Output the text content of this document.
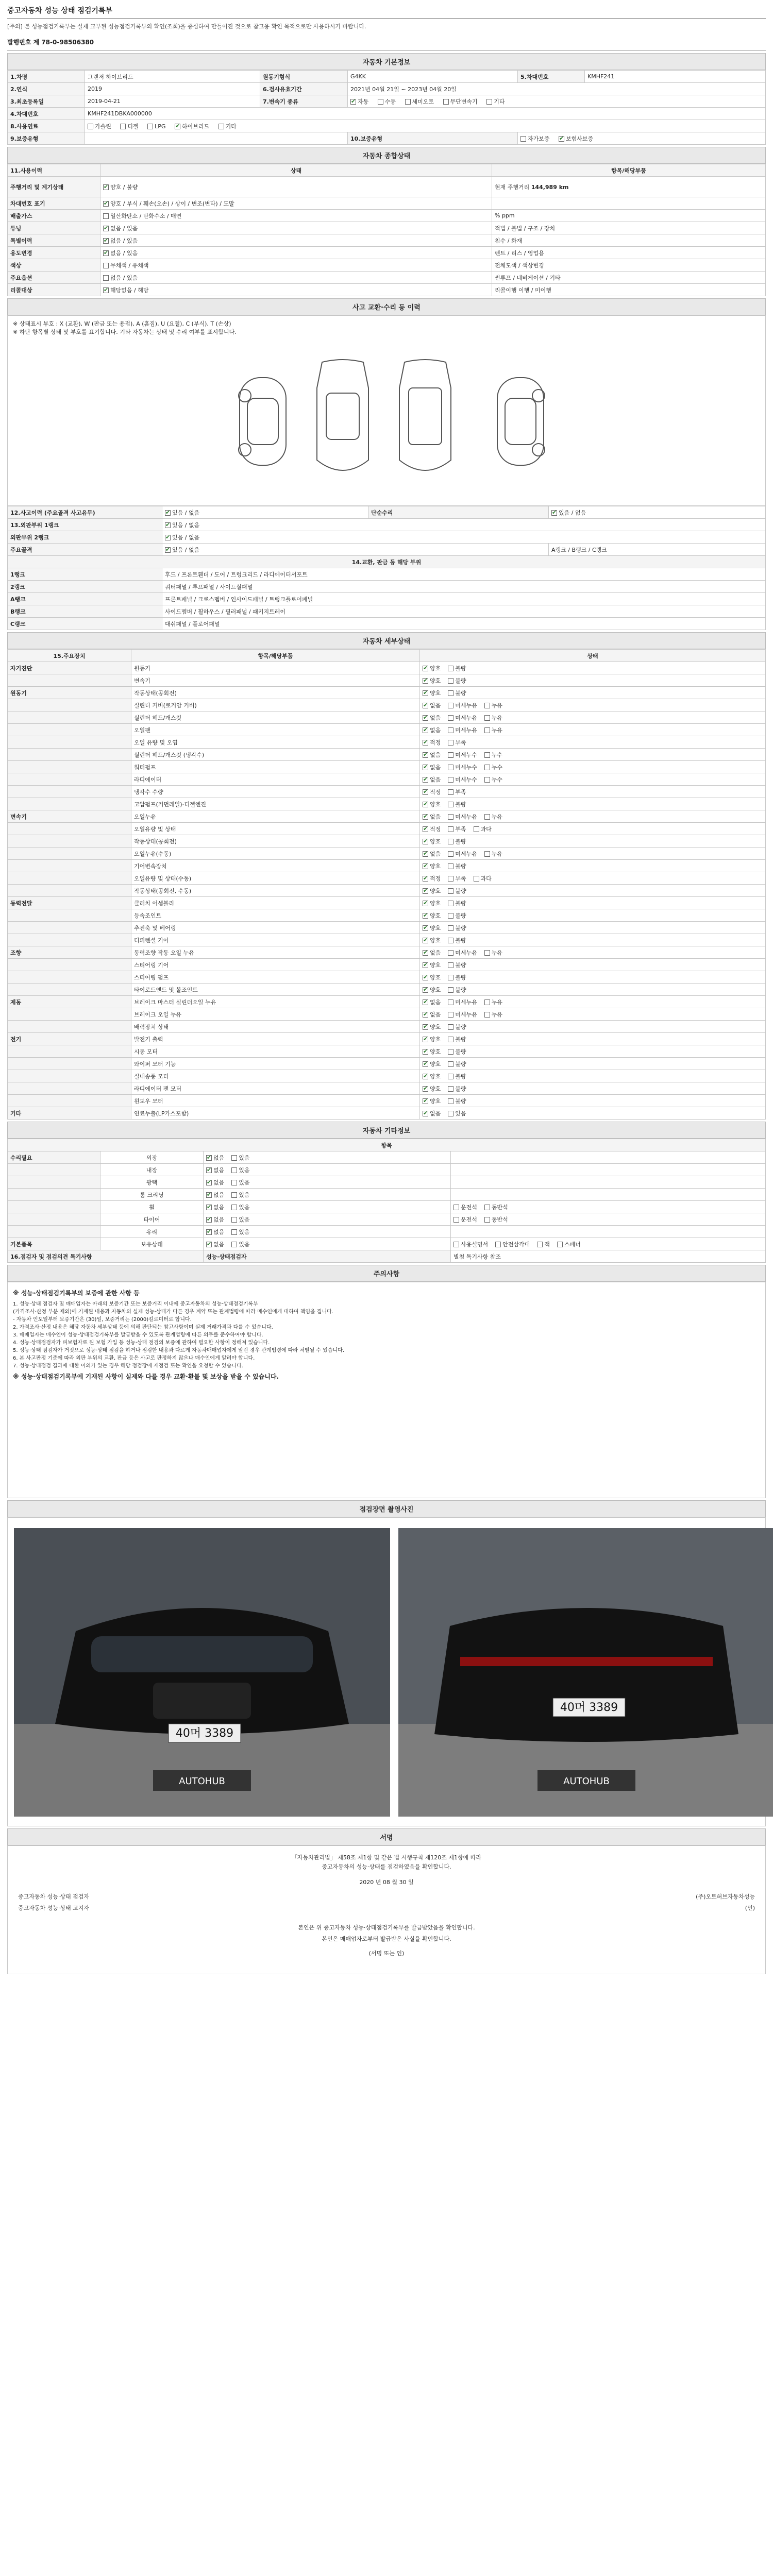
중고자동차 성능 상태 점검기록부
[주의] 본 성능점검기록부는 실제 교부된 성능점검기록부의 확인(조회)을 중심하여 만들어진 것으로 참고용 확인 목적으로만 사용하시기 바랍니다.
발행번호 제 78-0-98506380
자동차 기본정보
1.차명	그랜저 하이브리드	원동기형식	G4KK	5.차대번호	KMHF241
2.연식	2019	6.검사유효기간	2021년 04월 21일 ~ 2023년 04월 20일		
3.최초등록일	2019-04-21	7.변속기 종류	✔자동 수동 세미오토 무단변속기 기타
4.차대번호	KMHF241DBKA000000				
8.사용연료	가솔린 디젤 LPG ✔ 하이브리드 기타
9.보증유형			10.보증유형	자가보증 ✔ 보험사보증
자동차 종합상태
11.사용이력	상태	항목/해당부품
주행거리 및 계기상태	✔양호 / 불량	현재 주행거리 144,989 km
차대번호 표기	✔양호 / 부식 / 훼손(오손) / 상이 / 변조(변타) / 도말	
배출가스	일산화탄소 / 탄화수소 / 매연	% ppm
튜닝	✔없음 / 있음	적법 / 불법 / 구조 / 장치
특별이력	✔없음 / 있음	침수 / 화재
용도변경	✔없음 / 있음	렌트 / 리스 / 영업용
색상	무채색 / 유채색	전체도색 / 색상변경
주요옵션	없음 / 있음	썬루프 / 네비게이션 / 기타
리콜대상	✔해당없음 / 해당	리콜이행 이행 / 미이행
사고 교환·수리 등 이력
※ 상태표시 부호 : X (교환), W (판금 또는 용접), A (흠집), U (요철), C (부식), T (손상)
※ 하단 항목별 상태 및 부호를 표기합니다. 기타 자동차는 상태 및 수리 여부를 표시합니다.
12.사고이력 (주요골격 사고유무)	✔있음 / 없음	단순수리	✔있음 / 없음
13.외판부위 1랭크	✔있음 / 없음
외판부위 2랭크	✔있음 / 없음
주요골격	✔있음 / 없음		A랭크 / B랭크 / C랭크
14.교환, 판금 등 해당 부위			
1랭크	후드 / 프론트휀더 / 도어 / 트렁크리드 / 라디에이터서포트		
2랭크	쿼터패널 / 루프패널 / 사이드실패널		
A랭크	프론트패널 / 크로스멤버 / 인사이드패널 / 트렁크플로어패널		
B랭크	사이드멤버 / 휠하우스 / 필러패널 / 패키지트레이		
C랭크	대쉬패널 / 플로어패널		
자동차 세부상태
15.주요장치	항목/해당부품	상태
자기진단	원동기	✔양호 불량
	변속기	✔양호 불량
원동기	작동상태(공회전)	✔양호 불량
	실린더 커버(로커암 커버)	✔없음 미세누유 누유
	실린더 헤드/개스킷	✔없음 미세누유 누유
	오일팬	✔없음 미세누유 누유
	오일 유량 및 오염	✔적정 부족
	실린더 헤드/개스킷 (냉각수)	✔없음 미세누수 누수
	워터펌프	✔없음 미세누수 누수
	라디에이터	✔없음 미세누수 누수
	냉각수 수량	✔적정 부족
	고압펌프(커먼레일)-디젤엔진	✔양호 불량
변속기	오일누유	✔없음 미세누유 누유
	오일유량 및 상태	✔적정 부족 과다
	작동상태(공회전)	✔양호 불량
	오일누유(수동)	✔없음 미세누유 누유
	기어변속장치	✔양호 불량
	오일유량 및 상태(수동)	✔적정 부족 과다
	작동상태(공회전, 수동)	✔양호 불량
동력전달	클러치 어셈블리	✔양호 불량
	등속조인트	✔양호 불량
	추진축 및 베어링	✔양호 불량
	디퍼렌셜 기어	✔양호 불량
조향	동력조향 작동 오일 누유	✔없음 미세누유 누유
	스티어링 기어	✔양호 불량
	스티어링 펌프	✔양호 불량
	타이로드엔드 및 볼조인트	✔양호 불량
제동	브레이크 마스터 실린더오일 누유	✔없음 미세누유 누유
	브레이크 오일 누유	✔없음 미세누유 누유
	배력장치 상태	✔양호 불량
전기	발전기 출력	✔양호 불량
	시동 모터	✔양호 불량
	와이퍼 모터 기능	✔양호 불량
	실내송풍 모터	✔양호 불량
	라디에이터 팬 모터	✔양호 불량
	윈도우 모터	✔양호 불량
기타	연료누출(LP가스포함)	✔없음 있음
자동차 기타정보
항목			
수리필요	외장	✔없음 있음	
	내장	✔없음 있음	
	광택	✔없음 있음	
	룸 크리닝	✔없음 있음	
	휠	✔없음 있음	운전석 동반석
	타이어	✔없음 있음	운전석 동반석
	유리	✔없음 있음	
기본품목	보유상태	✔없음 있음	사용설명서 안전삼각대 잭 스패너
16.점검자 및 점검의견 특기사항		성능·상태점검자	별첨 특기사항 참조
주의사항
※ 성능·상태점검기록부의 보증에 관한 사항 등
1. 성능·상태 점검자 및 매매업자는 아래의 보증기간 또는 보증거리 이내에 중고자동차의 성능·상태점검기록부
(가격조사·산정 부분 제외)에 기재된 내용과 자동차의 실제 성능·상태가 다른 경우 계약 또는 관계법령에 따라 매수인에게 대하여 책임을 집니다.
- 자동차 인도일부터 보증기간은 (30)일, 보증거리는 (2000)킬로미터로 합니다.
2. 가격조사·산정 내용은 해당 자동차 세부상태 등에 의해 판단되는 참고사항이며 실제 거래가격과 다를 수 있습니다.
3. 매매업자는 매수인이 성능·상태점검기록부를 발급받을 수 있도록 관계법령에 따른 의무를 준수하여야 합니다.
4. 성능·상태점검자가 피보험자로 된 보험 가입 등 성능·상태 점검의 보증에 관하여 필요한 사항이 정해져 있습니다.
5. 성능·상태 점검자가 거짓으로 성능·상태 점검을 하거나 점검한 내용과 다르게 자동차매매업자에게 알린 경우 관계법령에 따라 처벌될 수 있습니다.
6. 본 사고판정 기준에 따라 외판 부위의 교환, 판금 등은 사고로 판정하지 않으나 매수인에게 알려야 합니다.
7. 성능·상태점검 결과에 대한 이의가 있는 경우 해당 점검장에 재점검 또는 확인을 요청할 수 있습니다.
※ 성능·상태점검기록부에 기재된 사항이 실제와 다를 경우 교환·환불 및 보상을 받을 수 있습니다.
점검장면 촬영사진
40머 3389
AUTOHUB
40머 3389
AUTOHUB
서명
「자동차관리법」 제58조 제1항 및 같은 법 시행규칙 제120조 제1항에 따라
중고자동차의 성능·상태를 점검하였음을 확인합니다.
2020 년 08 월 30 일
중고자동차 성능·상태 점검자	(주)오토허브자동차성능
중고자동차 성능·상태 고지자	(인)
본인은 위 중고자동차 성능·상태점검기록부를 발급받았음을 확인합니다.
본인은 매매업자로부터 발급받은 사실을 확인합니다.
(서명 또는 인)
